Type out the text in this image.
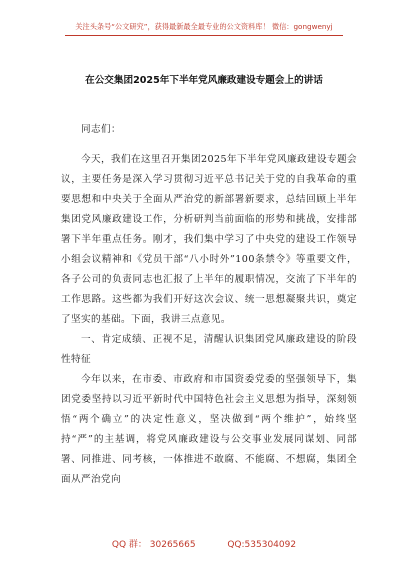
关注头条号“公文研究”，获得最新最全最专业的公文资料库！ 微信：gongwenyj
在公交集团2025年下半年党风廉政建设专题会上的讲话

同志们：

今天，我们在这里召开集团2025年下半年党风廉政建设专题会议，主要任务是深入学习贯彻习近平总书记关于党的自我革命的重要思想和中央关于全面从严治党的新部署新要求，总结回顾上半年集团党风廉政建设工作，分析研判当前面临的形势和挑战，安排部署下半年重点任务。刚才，我们集中学习了中央党的建设工作领导小组会议精神和《党员干部“八小时外”100条禁令》等重要文件，各子公司的负责同志也汇报了上半年的履职情况，交流了下半年的工作思路。这些都为我们开好这次会议、统一思想凝聚共识，奠定了坚实的基础。下面，我讲三点意见。

一、肯定成绩、正视不足，清醒认识集团党风廉政建设的阶段性特征

今年以来，在市委、市政府和市国资委党委的坚强领导下，集团党委坚持以习近平新时代中国特色社会主义思想为指导，深刻领悟“两个确立”的决定性意义，坚决做到“两个维护”，始终坚持“严”的主基调，将党风廉政建设与公交事业发展同谋划、同部署、同推进、同考核，一体推进不敢腐、不能腐、不想腐，集团全面从严治党向

QQ 群： 30265665	QQ:535304092
